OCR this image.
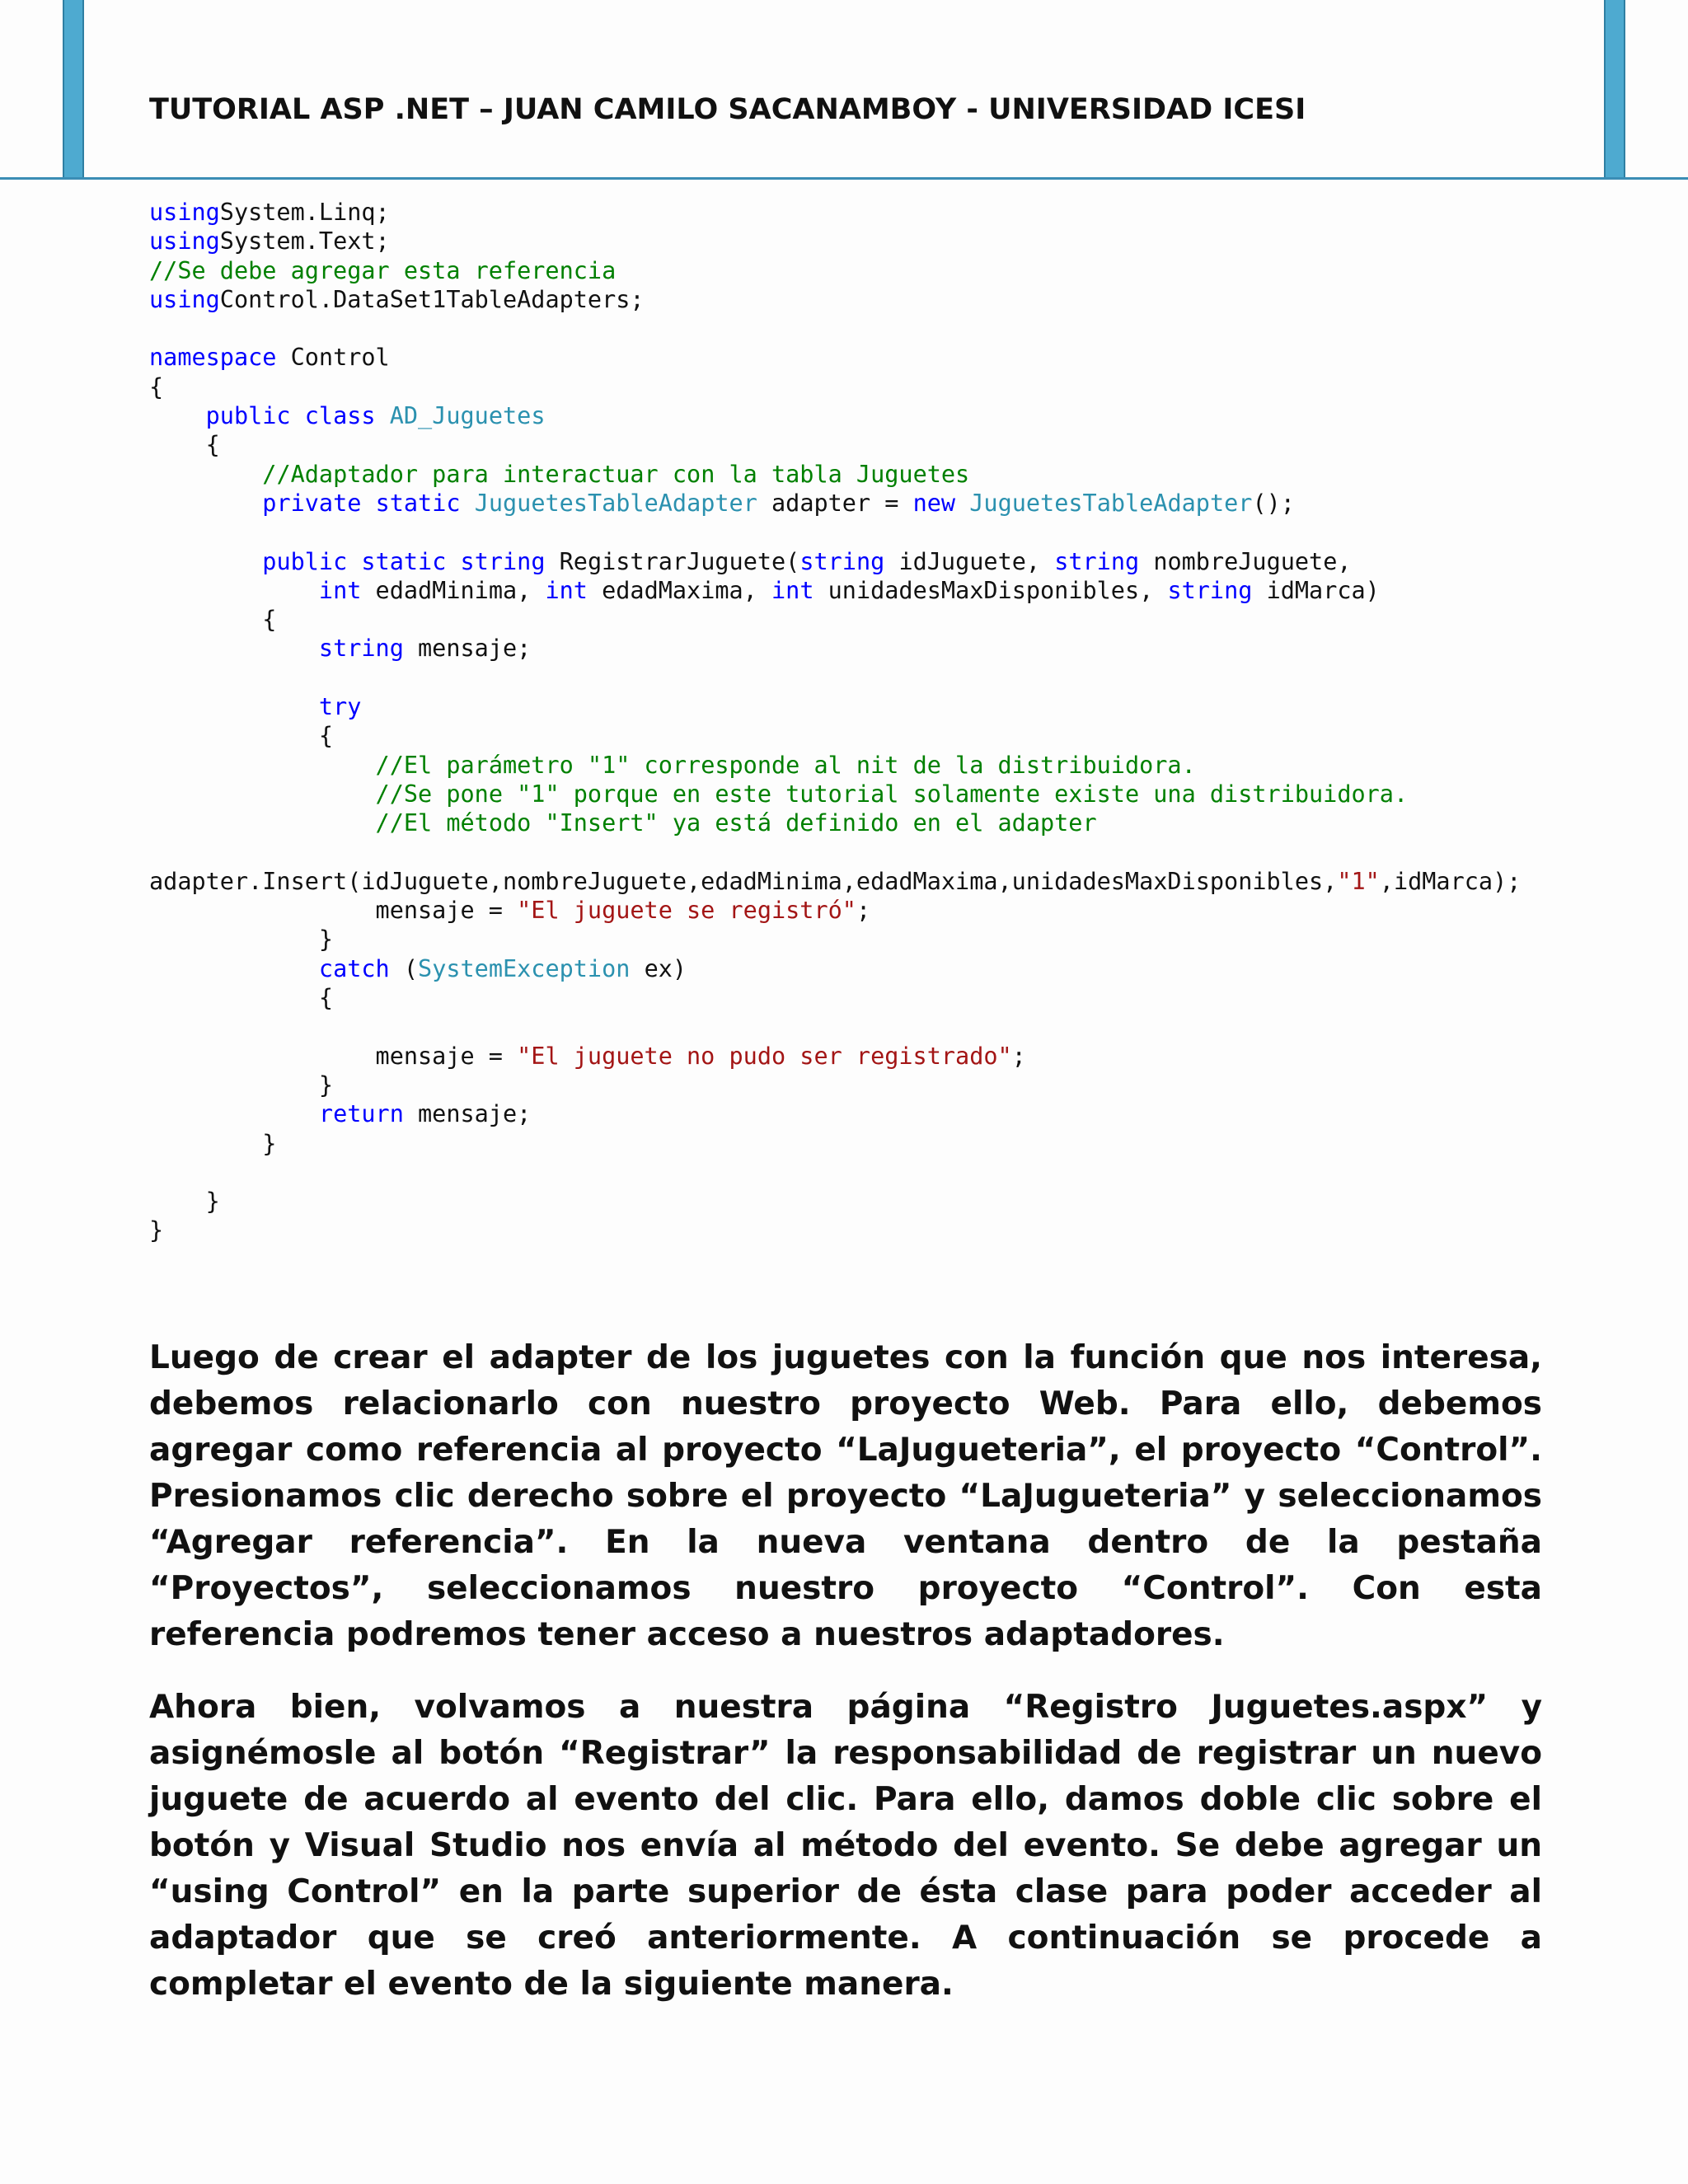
TUTORIAL ASP .NET – JUAN CAMILO SACANAMBOY - UNIVERSIDAD ICESI
usingSystem.Linq;
usingSystem.Text;
//Se debe agregar esta referencia
usingControl.DataSet1TableAdapters;
namespace Control
{
public class AD_Juguetes
{
//Adaptador para interactuar con la tabla Juguetes
private static JuguetesTableAdapter adapter = new JuguetesTableAdapter();
public static string RegistrarJuguete(string idJuguete, string nombreJuguete,
int edadMinima, int edadMaxima, int unidadesMaxDisponibles, string idMarca)
{
string mensaje;
try
{
//El parámetro "1" corresponde al nit de la distribuidora.
//Se pone "1" porque en este tutorial solamente existe una distribuidora.
//El método "Insert" ya está definido en el adapter
adapter.Insert(idJuguete,nombreJuguete,edadMinima,edadMaxima,unidadesMaxDisponibles,"1",idMarca);
mensaje = "El juguete se registró";
}
catch (SystemException ex)
{
mensaje = "El juguete no pudo ser registrado";
}
return mensaje;
}
}
}

Luego de crear el adapter de los juguetes con la función que nos interesa, debemos relacionarlo con nuestro proyecto Web. Para ello, debemos agregar como referencia al proyecto “LaJugueteria”, el proyecto “Control”. Presionamos clic derecho sobre el proyecto “LaJugueteria” y seleccionamos “Agregar referencia”. En la nueva ventana dentro de la pestaña “Proyectos”, seleccionamos nuestro proyecto “Control”. Con esta referencia podremos tener acceso a nuestros adaptadores.

Ahora bien, volvamos a nuestra página “Registro Juguetes.aspx” y asignémosle al botón “Registrar” la responsabilidad de registrar un nuevo juguete de acuerdo al evento del clic. Para ello, damos doble clic sobre el botón y Visual Studio nos envía al método del evento. Se debe agregar un “using Control” en la parte superior de ésta clase para poder acceder al adaptador que se creó anteriormente. A continuación se procede a completar el evento de la siguiente manera.
